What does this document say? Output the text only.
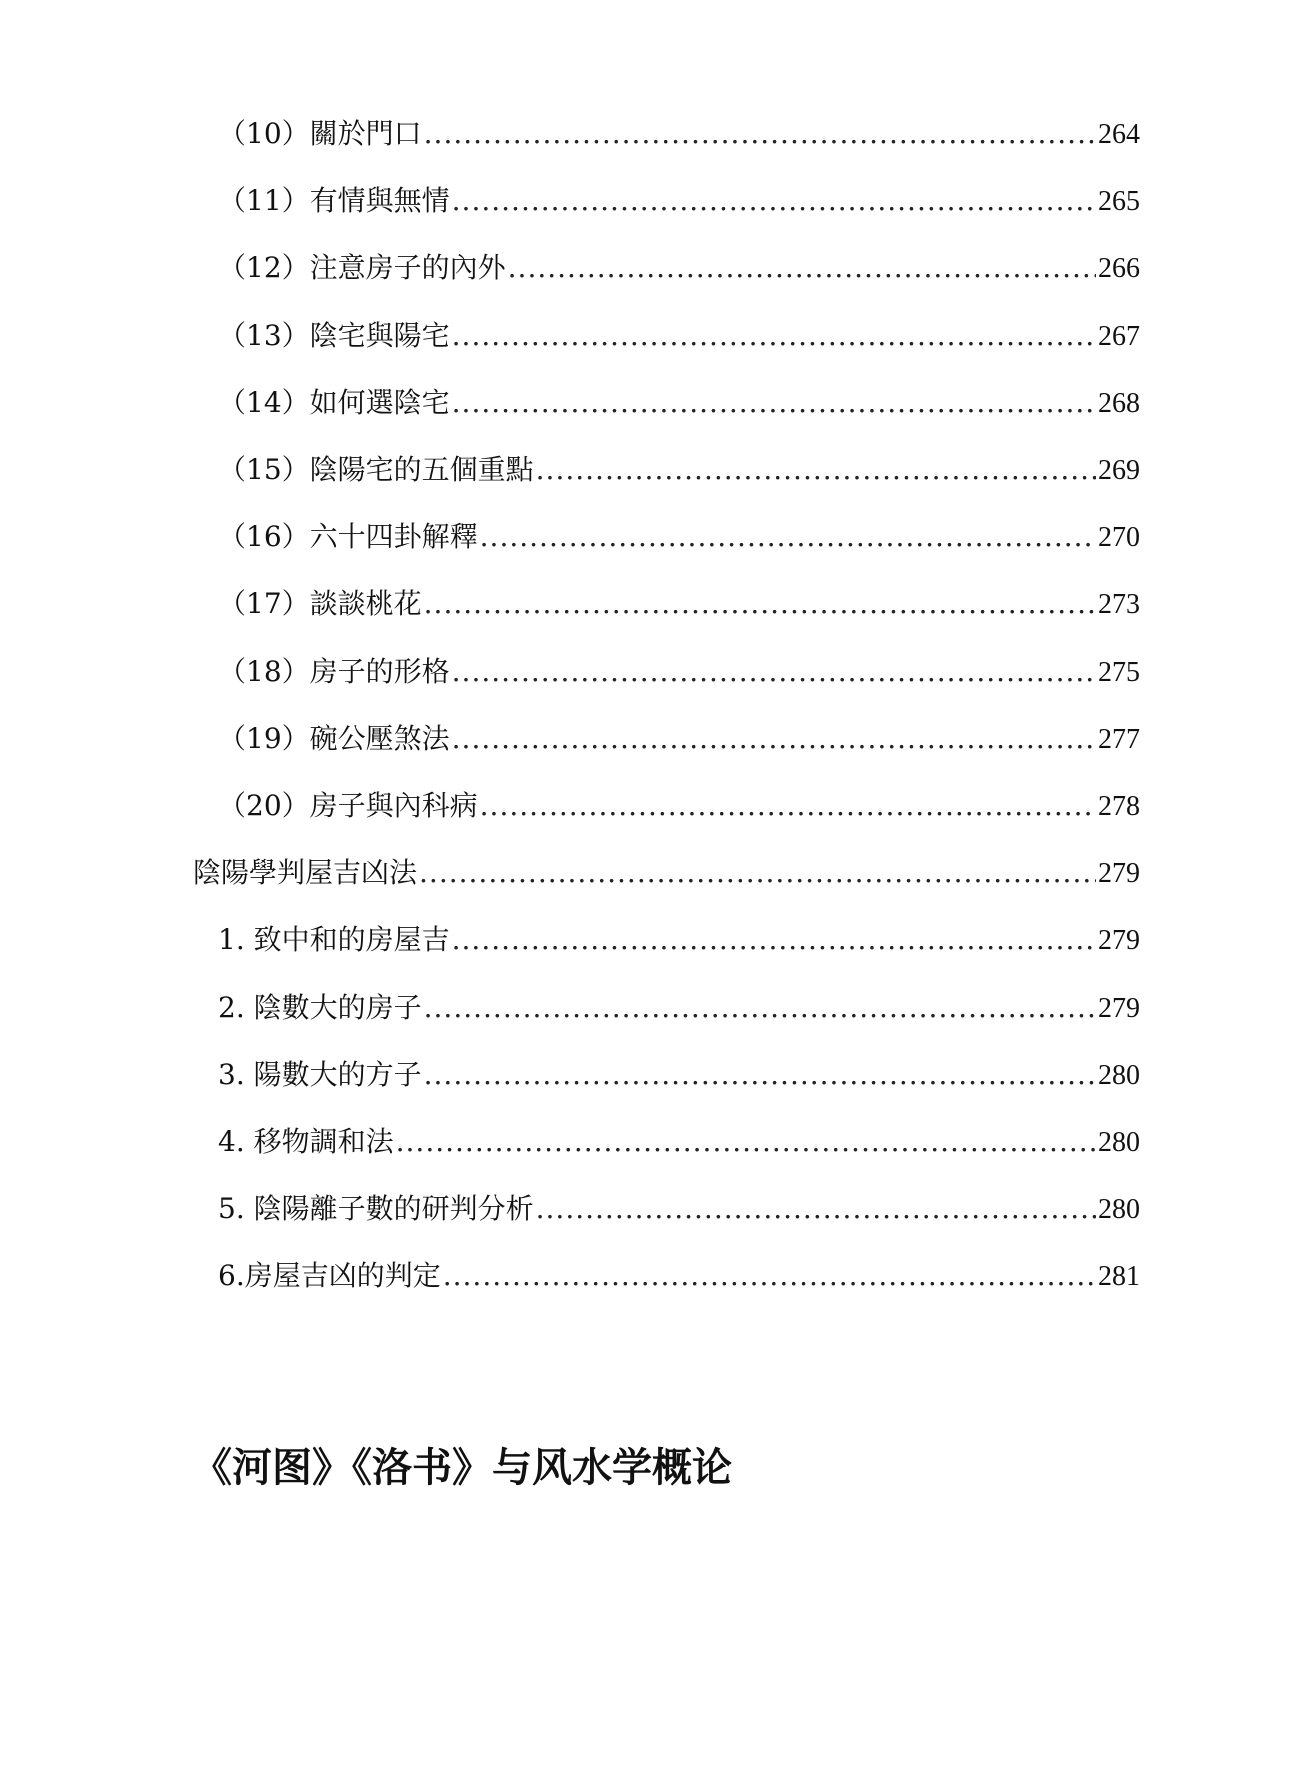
（10）關於門口 .....	264
（11）有情與無情 .....	265
（12）注意房子的內外 .....	266
（13）陰宅與陽宅 .....	267
（14）如何選陰宅 .....	268
（15）陰陽宅的五個重點 .....	269
（16）六十四卦解釋 .....	270
（17）談談桃花 .....	273
（18）房子的形格 .....	275
（19）碗公壓煞法 .....	277
（20）房子與內科病 .....	278
陰陽學判屋吉凶法 .....	279
1. 致中和的房屋吉 .....	279
2. 陰數大的房子 .....	279
3. 陽數大的方子 .....	280
4. 移物調和法 .....	280
5. 陰陽離子數的研判分析 .....	280
6.房屋吉凶的判定 .....	281
《河图》《洛书》与风水学概论
